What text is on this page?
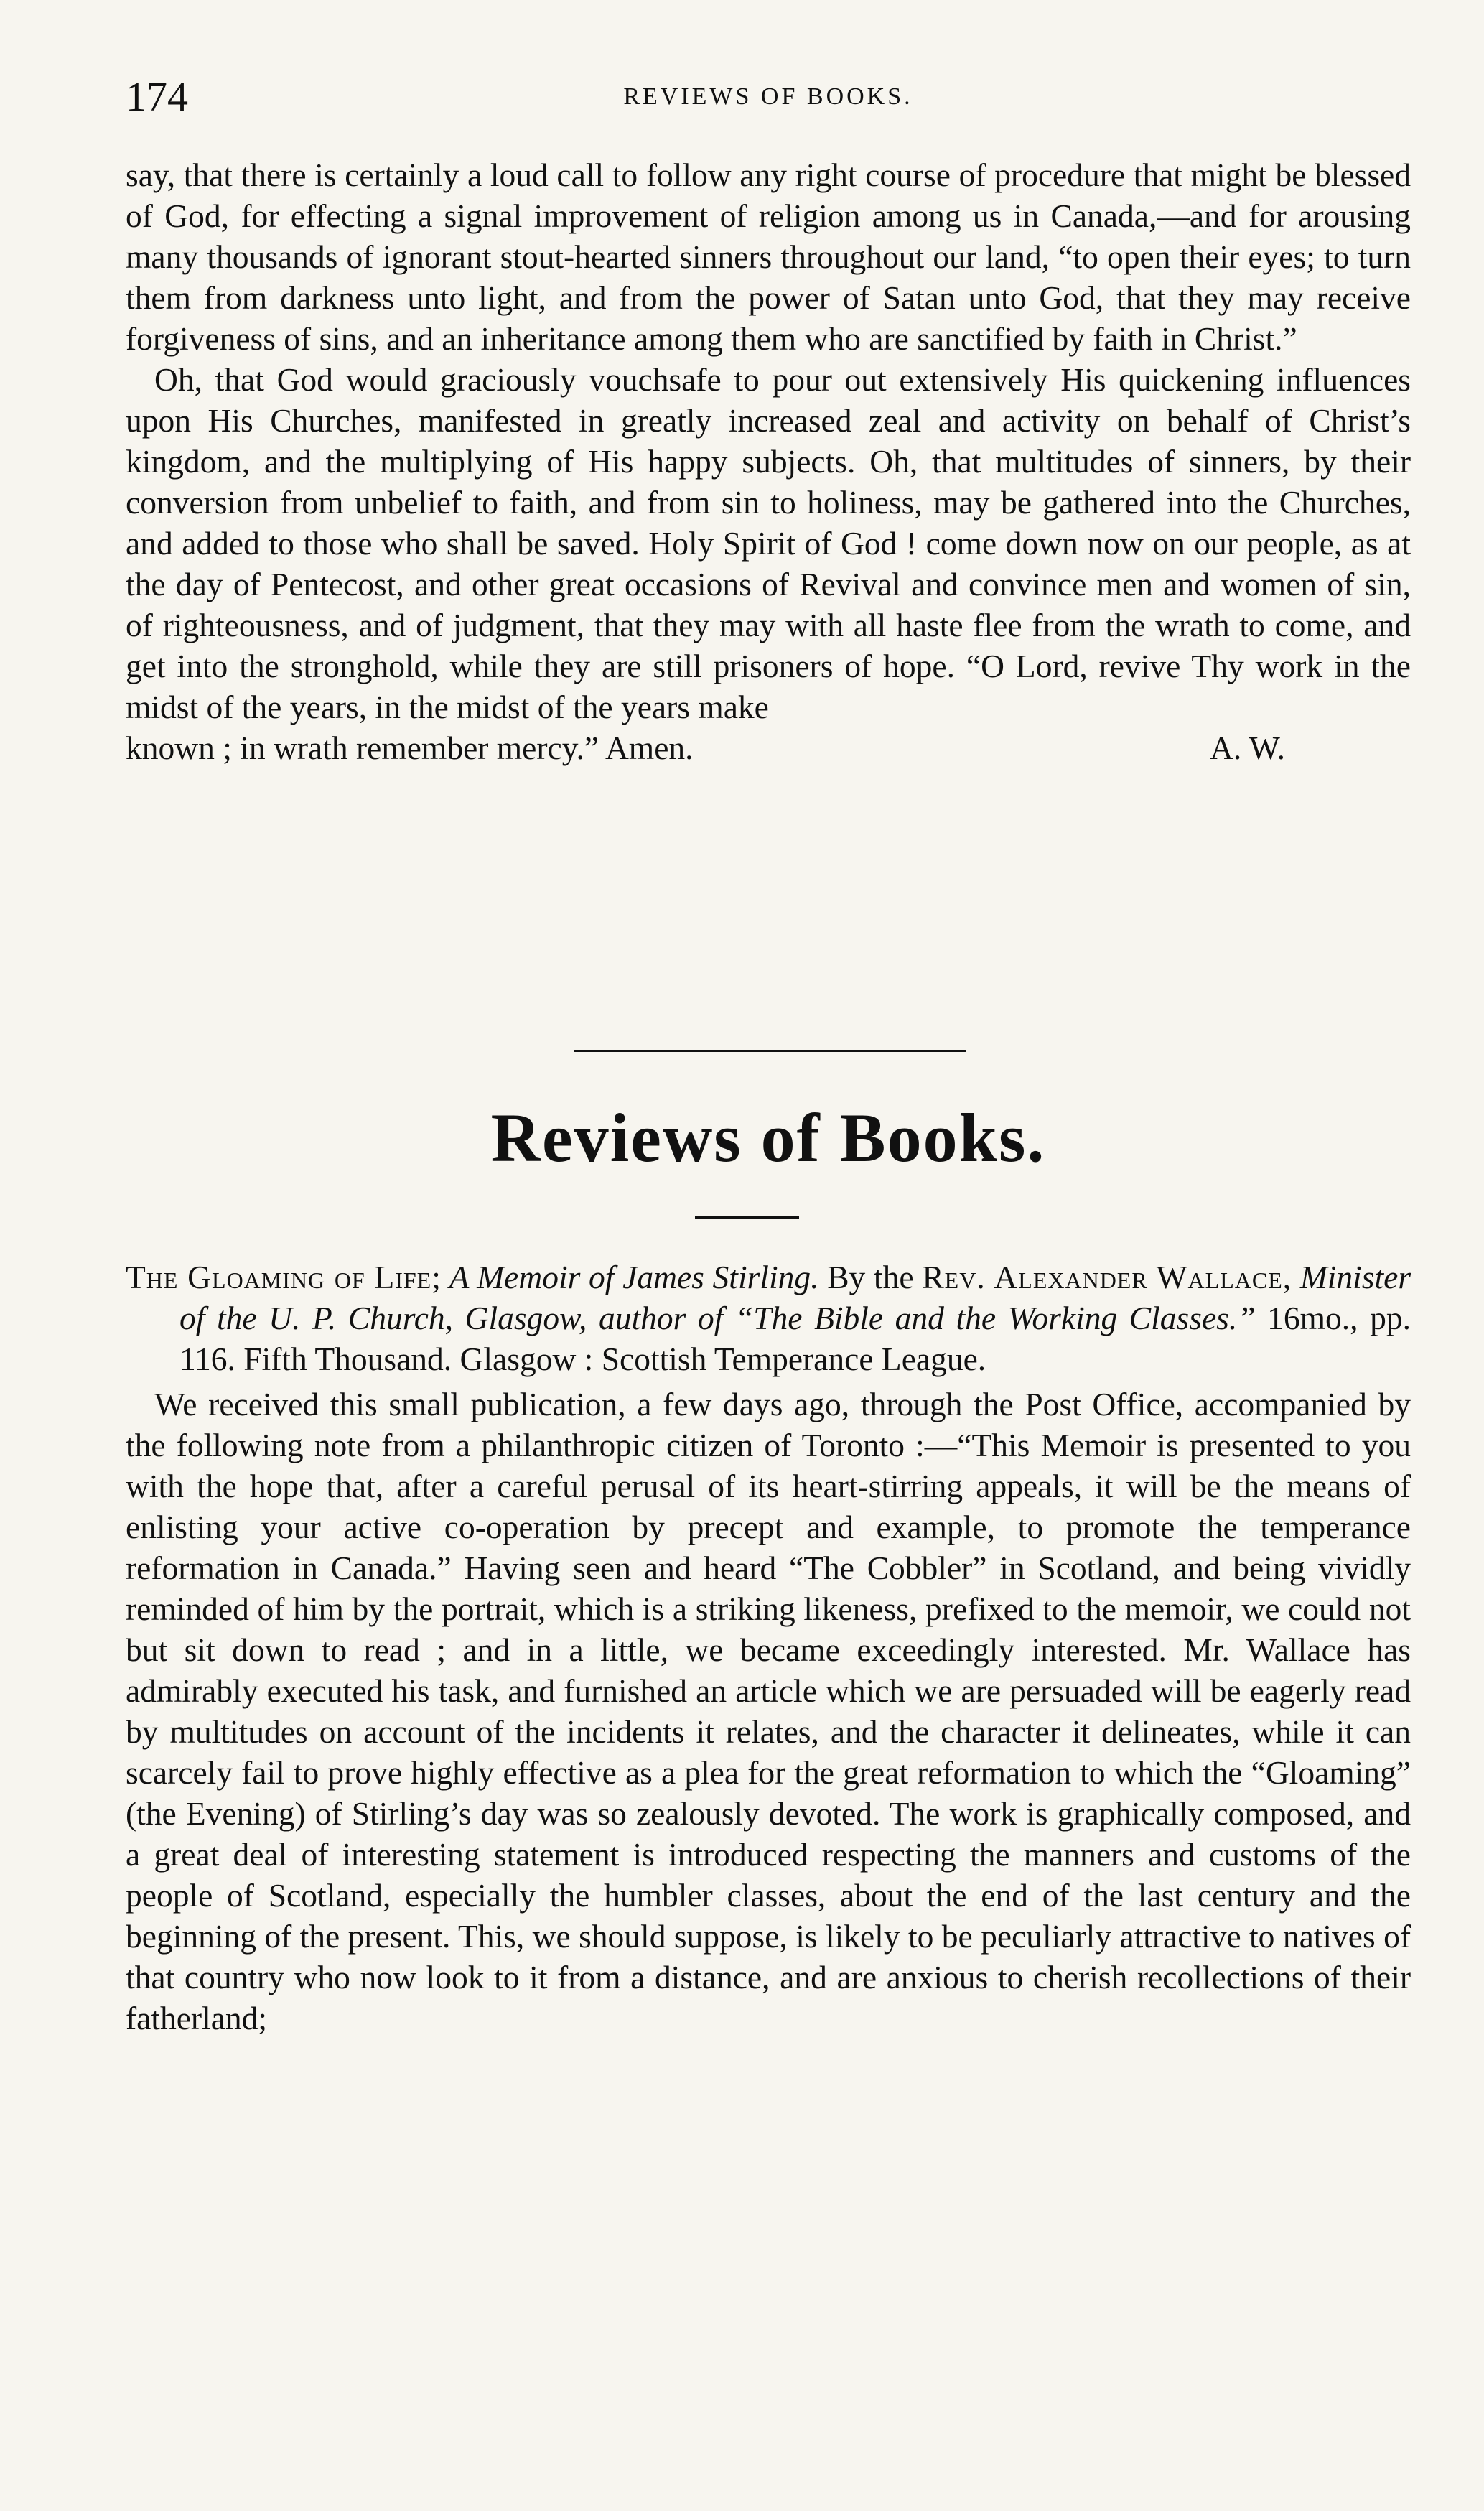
174	REVIEWS OF BOOKS.

say, that there is certainly a loud call to follow any right course of procedure that might be blessed of God, for effecting a signal improvement of religion among us in Canada,—and for arousing many thousands of ignorant stout-hearted sinners throughout our land, “to open their eyes; to turn them from darkness unto light, and from the power of Satan unto God, that they may receive forgiveness of sins, and an inheritance among them who are sanctified by faith in Christ.”

Oh, that God would graciously vouchsafe to pour out extensively His quickening influences upon His Churches, manifested in greatly increased zeal and activity on behalf of Christ’s kingdom, and the multiplying of His happy subjects. Oh, that multitudes of sinners, by their conversion from unbelief to faith, and from sin to holiness, may be gathered into the Churches, and added to those who shall be saved. Holy Spirit of God ! come down now on our people, as at the day of Pentecost, and other great occasions of Revival and convince men and women of sin, of righteousness, and of judgment, that they may with all haste flee from the wrath to come, and get into the stronghold, while they are still prisoners of hope. “O Lord, revive Thy work in the midst of the years, in the midst of the years make

known ; in wrath remember mercy.” Amen.	A. W.
Reviews of Books.

The Gloaming of Life; A Memoir of James Stirling. By the Rev. Alexander Wallace, Minister of the U. P. Church, Glasgow, author of “The Bible and the Working Classes.” 16mo., pp. 116. Fifth Thousand. Glasgow : Scottish Temperance League.

We received this small publication, a few days ago, through the Post Office, accompanied by the following note from a philanthropic citizen of Toronto :—“This Memoir is presented to you with the hope that, after a careful perusal of its heart-stirring appeals, it will be the means of enlisting your active co-operation by precept and example, to promote the temperance reformation in Canada.” Having seen and heard “The Cobbler” in Scotland, and being vividly reminded of him by the portrait, which is a striking likeness, prefixed to the memoir, we could not but sit down to read ; and in a little, we became exceedingly interested. Mr. Wallace has admirably executed his task, and furnished an article which we are persuaded will be eagerly read by multitudes on account of the incidents it relates, and the character it delineates, while it can scarcely fail to prove highly effective as a plea for the great reformation to which the “Gloaming” (the Evening) of Stirling’s day was so zealously devoted. The work is graphically composed, and a great deal of interesting statement is introduced respecting the manners and customs of the people of Scotland, especially the humbler classes, about the end of the last century and the beginning of the present. This, we should suppose, is likely to be peculiarly attractive to natives of that country who now look to it from a distance, and are anxious to cherish recollections of their fatherland;
